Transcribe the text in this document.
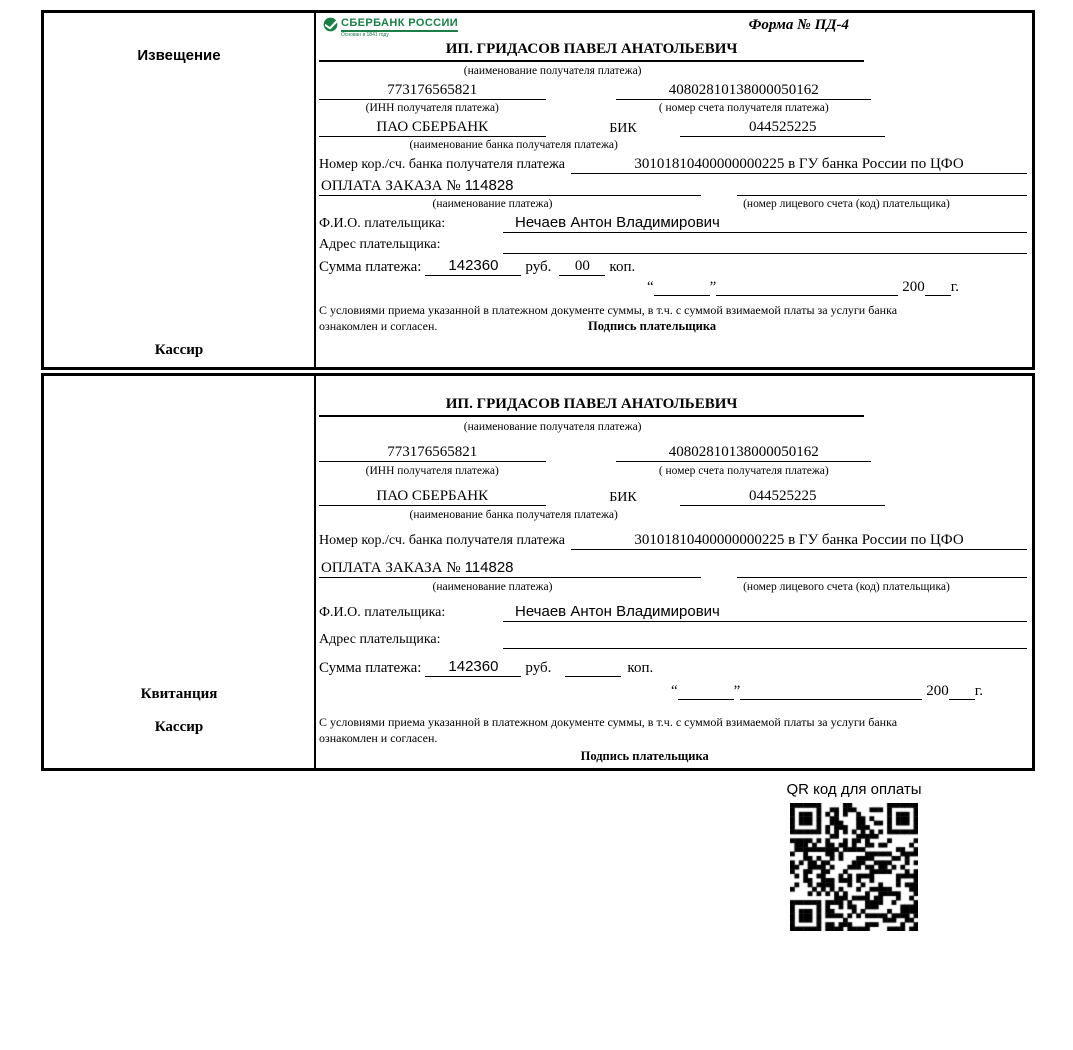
Извещение
Кассир
СБЕРБАНК РОССИИ
Основан в 1841 году
Форма № ПД-4
ИП. ГРИДАСОВ ПАВЕЛ АНАТОЛЬЕВИЧ
(наименование получателя платежа)
773176565821	40802810138000050162
(ИНН получателя платежа)	( номер счета получателя платежа)
ПАО СБЕРБАНК	БИК	044525225
(наименование банка получателя платежа)
Номер кор./сч. банка получателя платежа	30101810400000000225 в ГУ банка России по ЦФО
ОПЛАТА ЗАКАЗА № 114828
(наименование платежа)	(номер лицевого счета (код) плательщика)
Ф.И.О. плательщика:	Нечаев Антон Владимирович
Адрес плательщика:
Сумма платежа:	142360	руб.	00	коп.
“	”	200 г.
С условиями приема указанной в платежном документе суммы, в т.ч. с суммой взимаемой платы за услуги банка
ознакомлен и согласен.	Подпись плательщика
Квитанция
Кассир
ИП. ГРИДАСОВ ПАВЕЛ АНАТОЛЬЕВИЧ
(наименование получателя платежа)
773176565821	40802810138000050162
(ИНН получателя платежа)	( номер счета получателя платежа)
ПАО СБЕРБАНК	БИК	044525225
(наименование банка получателя платежа)
Номер кор./сч. банка получателя платежа	30101810400000000225 в ГУ банка России по ЦФО
ОПЛАТА ЗАКАЗА № 114828
(наименование платежа)	(номер лицевого счета (код) плательщика)
Ф.И.О. плательщика:	Нечаев Антон Владимирович
Адрес плательщика:
Сумма платежа:	142360	руб.	коп.
“	”	200 г.
С условиями приема указанной в платежном документе суммы, в т.ч. с суммой взимаемой платы за услуги банка
ознакомлен и согласен.
Подпись плательщика
QR код для оплаты
